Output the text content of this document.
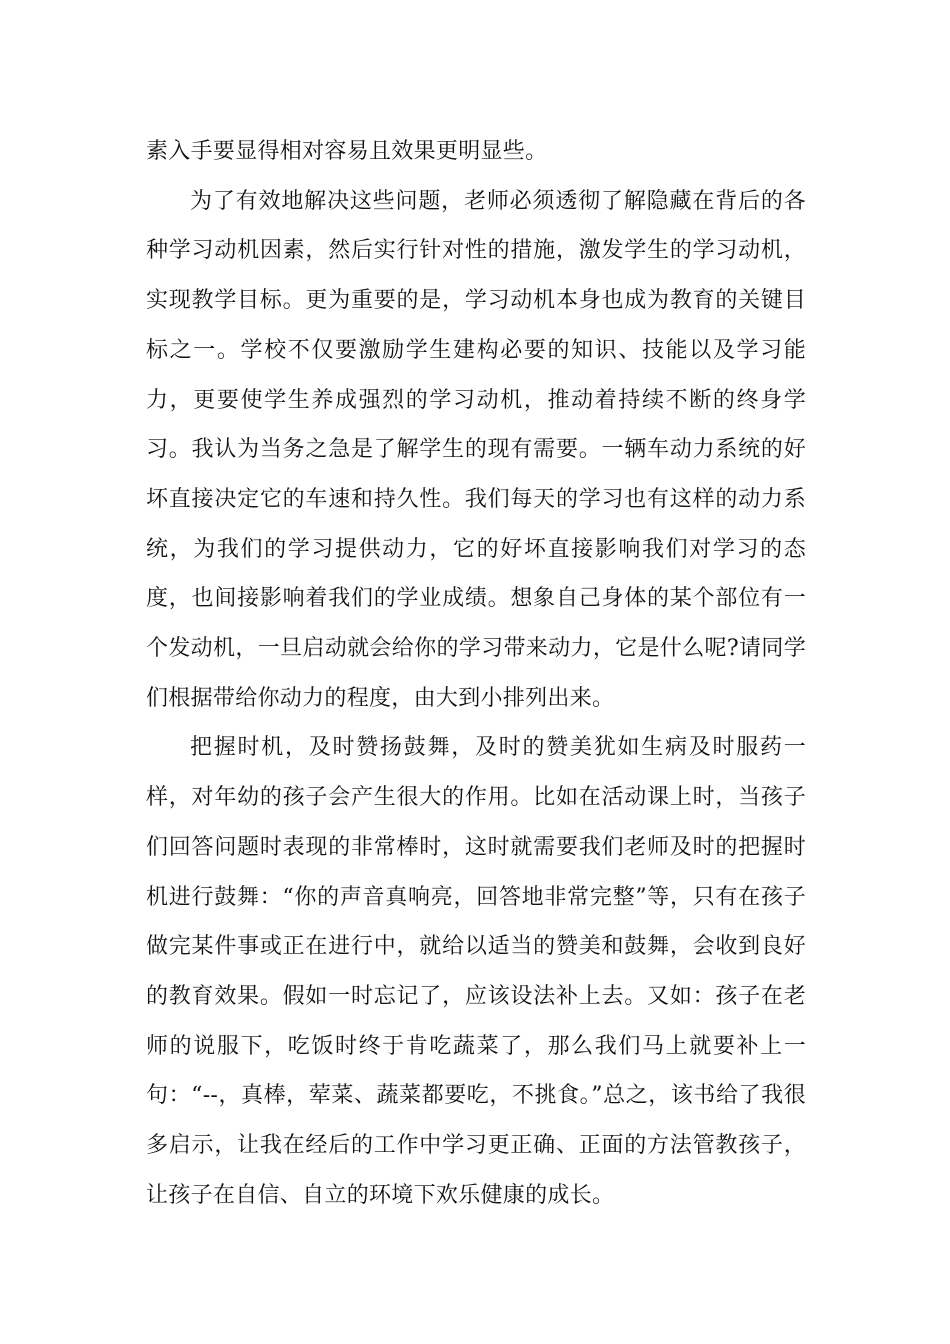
素入手要显得相对容易且效果更明显些。

为了有效地解决这些问题，老师必须透彻了解隐藏在背后的各种学习动机因素，然后实行针对性的措施，激发学生的学习动机，实现教学目标。更为重要的是，学习动机本身也成为教育的关键目标之一。学校不仅要激励学生建构必要的知识、技能以及学习能力，更要使学生养成强烈的学习动机，推动着持续不断的终身学习。我认为当务之急是了解学生的现有需要。一辆车动力系统的好坏直接决定它的车速和持久性。我们每天的学习也有这样的动力系统，为我们的学习提供动力，它的好坏直接影响我们对学习的态度，也间接影响着我们的学业成绩。想象自己身体的某个部位有一个发动机，一旦启动就会给你的学习带来动力，它是什么呢?请同学们根据带给你动力的程度，由大到小排列出来。

把握时机，及时赞扬鼓舞，及时的赞美犹如生病及时服药一样，对年幼的孩子会产生很大的作用。比如在活动课上时，当孩子们回答问题时表现的非常棒时，这时就需要我们老师及时的把握时机进行鼓舞：“你的声音真响亮，回答地非常完整”等，只有在孩子做完某件事或正在进行中，就给以适当的赞美和鼓舞，会收到良好的教育效果。假如一时忘记了，应该设法补上去。又如：孩子在老师的说服下，吃饭时终于肯吃蔬菜了，那么我们马上就要补上一句：“--，真棒，荤菜、蔬菜都要吃，不挑食。”总之，该书给了我很多启示，让我在经后的工作中学习更正确、正面的方法管教孩子，让孩子在自信、自立的环境下欢乐健康的成长。
